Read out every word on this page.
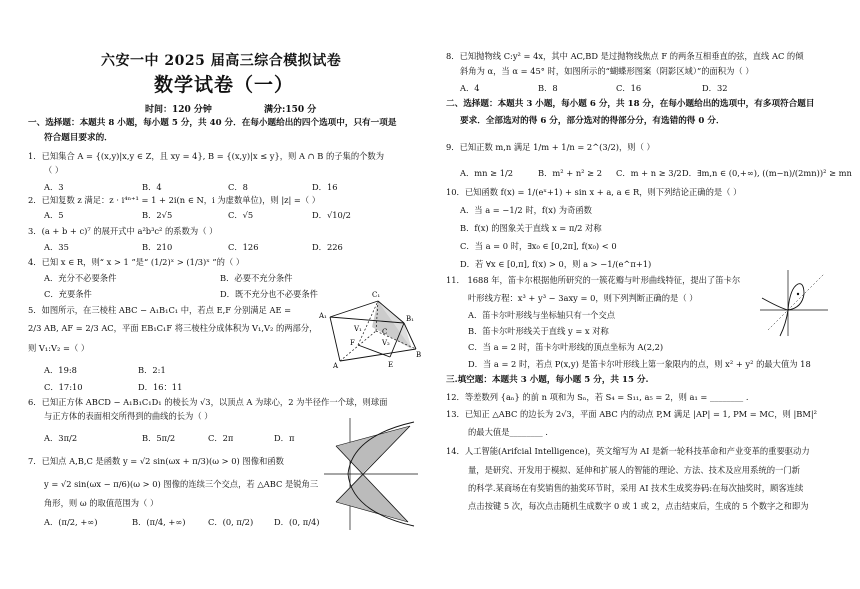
六安一中 2025 届高三综合模拟试卷
数学试卷（一）
时间：120 分钟	满分:150 分
一、选择题：本题共 8 小题，每小题 5 分，共 40 分．在每小题给出的四个选项中，只有一项是
符合题目要求的．
1．已知集合 A = {(x,y)|x,y ∈ Z，且 xy = 4}, B = {(x,y)|x ≤ y}，则 A ∩ B 的子集的个数为
（ ）
A．3	B．4	C．8	D．16
2．已知复数 z 满足：z · i⁴ⁿ⁺¹ = 1 + 2i(n ∈ N，i 为虚数单位)，则 |z| =（ ）
A．5	B．2√5	C．√5	D．√10/2
3．(a + b + c)⁷ 的展开式中 a²b³c² 的系数为（ ）
A．35	B．210	C．126	D．226
4．已知 x ∈ R，则“ x > 1 ”是“ (1/2)ˣ > (1/3)ˣ ”的（ ）
A．充分不必要条件	B．必要不充分条件
C．充要条件	D．既不充分也不必要条件
5．如图所示，在三棱柱 ABC − A₁B₁C₁ 中，若点 E,F 分别满足 AE =
2/3 AB, AF = 2/3 AC，平面 EB₁C₁F 将三棱柱分成体积为 V₁,V₂ 的两部分，
则 V₁:V₂ =（ ）
A．19:8	B．2:1
C．17:10	D．16：11
C₁
A₁	B₁
V₁
V₂
C
F
A	E
B
6．已知正方体 ABCD − A₁B₁C₁D₁ 的棱长为 √3，以顶点 A 为球心，2 为半径作一个球，则球面
与正方体的表面相交所得到的曲线的长为（ ）
A．3π/2	B．5π/2	C．2π	D．π
7．已知点 A,B,C 是函数 y = √2 sin(ωx + π/3)(ω > 0) 图像和函数
y = √2 sin(ωx − π/6)(ω > 0) 图像的连续三个交点，若 △ABC 是锐角三
角形，则 ω 的取值范围为（ ）
A．(π/2, +∞)	B．(π/4, +∞)	C．(0, π/2)	D．(0, π/4)
8．已知抛物线 C:y² = 4x，其中 AC,BD 是过抛物线焦点 F 的两条互相垂直的弦，直线 AC 的倾
斜角为 α，当 α = 45° 时，如图所示的“蝴蝶形图案（阴影区域）”的面积为（ ）
A．4	B．8	C．16	D．32
二、选择题：本题共 3 小题，每小题 6 分，共 18 分，在每小题给出的选项中，有多项符合题目
要求．全部选对的得 6 分，部分选对的得部分分，有选错的得 0 分．
9．已知正数 m,n 满足 1/m + 1/n = 2^(3/2)，则（ ）
A．mn ≥ 1/2	B．m² + n² ≥ 2 C．m + n ≥ 3/2 D．∃m,n ∈ (0,+∞), ((m−n)/(2mn))² ≥ mn
10．已知函数 f(x) = 1/(eˣ+1) + sin x + a, a ∈ R，则下列结论正确的是（ ）
A．当 a = −1/2 时，f(x) 为奇函数
B．f(x) 的图象关于直线 x = π/2 对称
C．当 a = 0 时，∃x₀ ∈ [0,2π], f(x₀) < 0
D．若 ∀x ∈ [0,π], f(x) > 0，则 a > −1/(e^π+1)
11． 1688 年，笛卡尔根据他所研究的一簇花瓣与叶形曲线特征，提出了笛卡尔
叶形线方程：x³ + y³ − 3axy = 0，则下列判断正确的是（ ）
A．笛卡尔叶形线与坐标轴只有一个交点
B．笛卡尔叶形线关于直线 y = x 对称
C．当 a = 2 时，笛卡尔叶形线的顶点坐标为 A(2,2)
D．当 a = 2 时，若点 P(x,y) 是笛卡尔叶形线上第一象限内的点，则 x² + y² 的最大值为 18
三.填空题：本题共 3 小题，每小题 5 分，共 15 分.
12．等差数列 {aₙ} 的前 n 项和为 Sₙ，若 S₄ = S₁₁, a₅ = 2，则 a₁ = ________ .
13．已知正 △ABC 的边长为 2√3，平面 ABC 内的动点 P,M 满足 |AP| = 1, PM = MC，则 |BM|²
的最大值是________ .
14．人工智能(Arifcial Intelligence)，英文缩写为 AI 是新一轮科技革命和产业变革的重要驱动力
量，是研究、开发用于模拟、延伸和扩展人的智能的理论、方法、技术及应用系统的一门新
的科学.某商场在有奖销售的抽奖环节时，采用 AI 技术生成奖券码:在每次抽奖时，顾客连续
点击按键 5 次，每次点击随机生成数字 0 或 1 或 2，点击结束后，生成的 5 个数字之和即为
